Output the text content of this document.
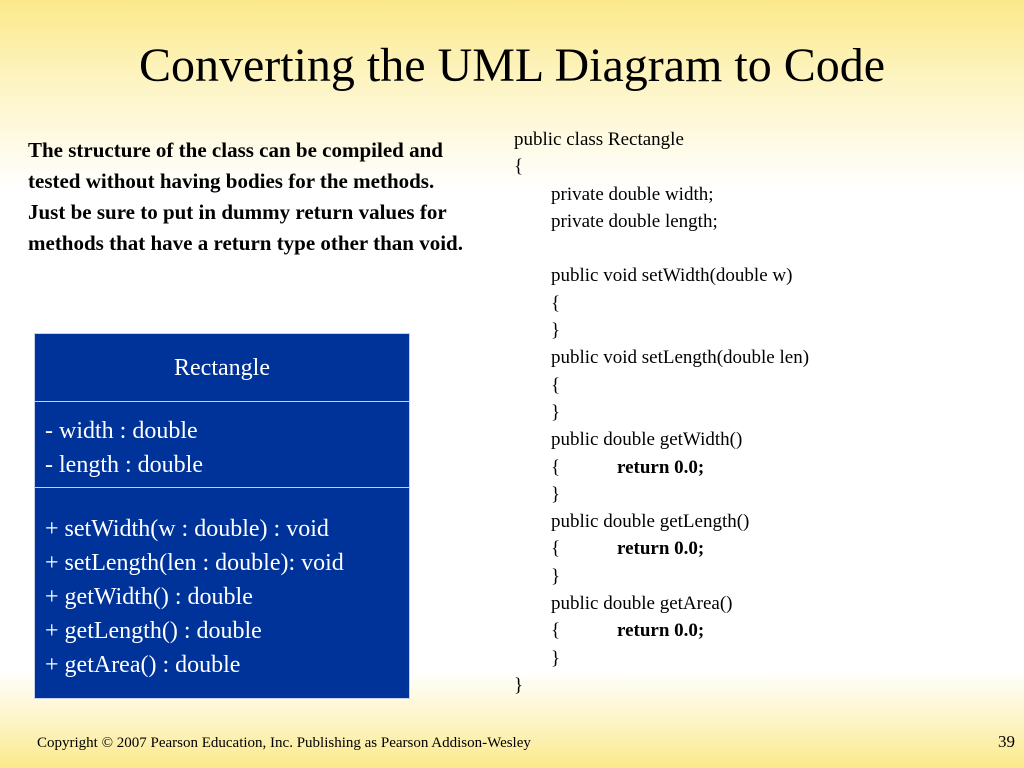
Converting the UML Diagram to Code
The structure of the class can be compiled and tested without having bodies for the methods. Just be sure to put in dummy return values for methods that have a return type other than void.
Rectangle
- width : double
- length : double
+ setWidth(w : double) : void
+ setLength(len : double): void
+ getWidth() : double
+ getLength() : double
+ getArea() : double
public class Rectangle
{
private double width;
private double length;
public void setWidth(double w)
{
}
public void setLength(double len)
{
}
public double getWidth()
{	return 0.0;
}
public double getLength()
{	return 0.0;
}
public double getArea()
{	return 0.0;
}
}
Copyright © 2007 Pearson Education, Inc. Publishing as Pearson Addison-Wesley	39
